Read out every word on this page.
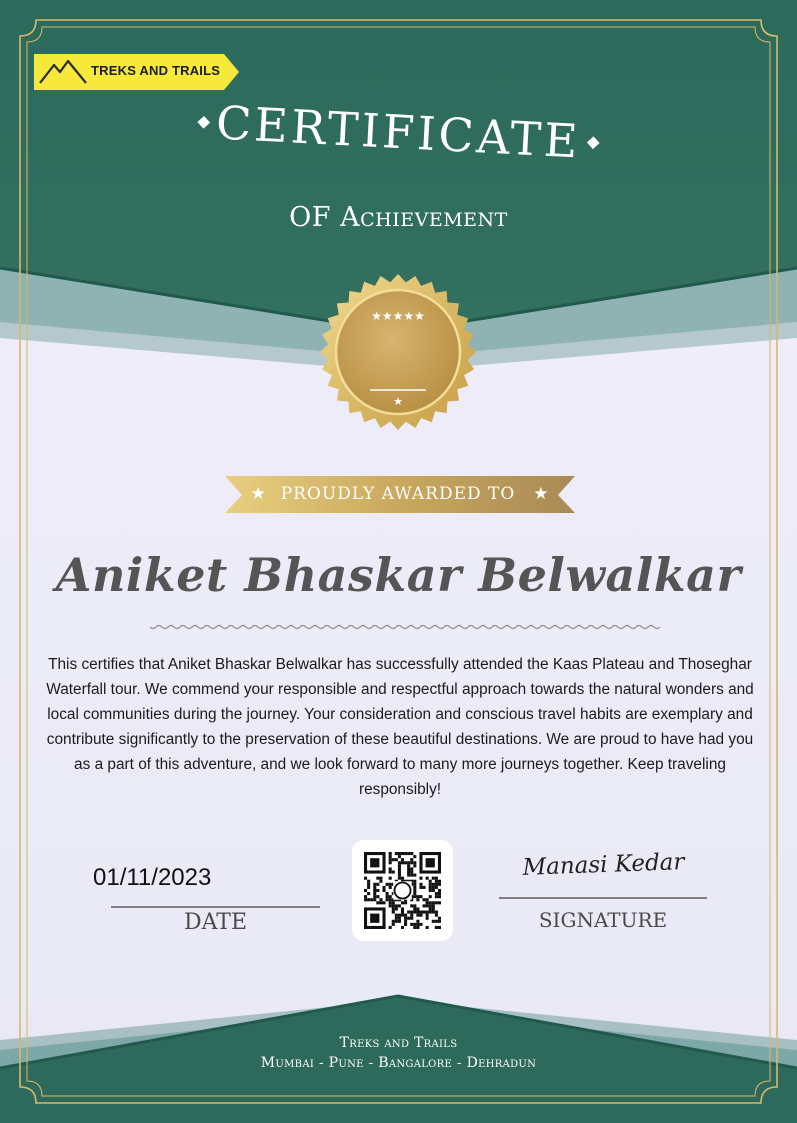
TREKS AND TRAILS
CERTIFICATE
OF Achievement
★★★★★
★
★ PROUDLY AWARDED TO ★
Aniket Bhaskar Belwalkar
This certifies that Aniket Bhaskar Belwalkar has successfully attended the Kaas Plateau and Thoseghar Waterfall tour. We commend your responsible and respectful approach towards the natural wonders and local communities during the journey. Your consideration and conscious travel habits are exemplary and contribute significantly to the preservation of these beautiful destinations. We are proud to have had you as a part of this adventure, and we look forward to many more journeys together. Keep traveling responsibly!
01/11/2023
DATE
Manasi Kedar
SIGNATURE
Treks and Trails
Mumbai - Pune - Bangalore - Dehradun
